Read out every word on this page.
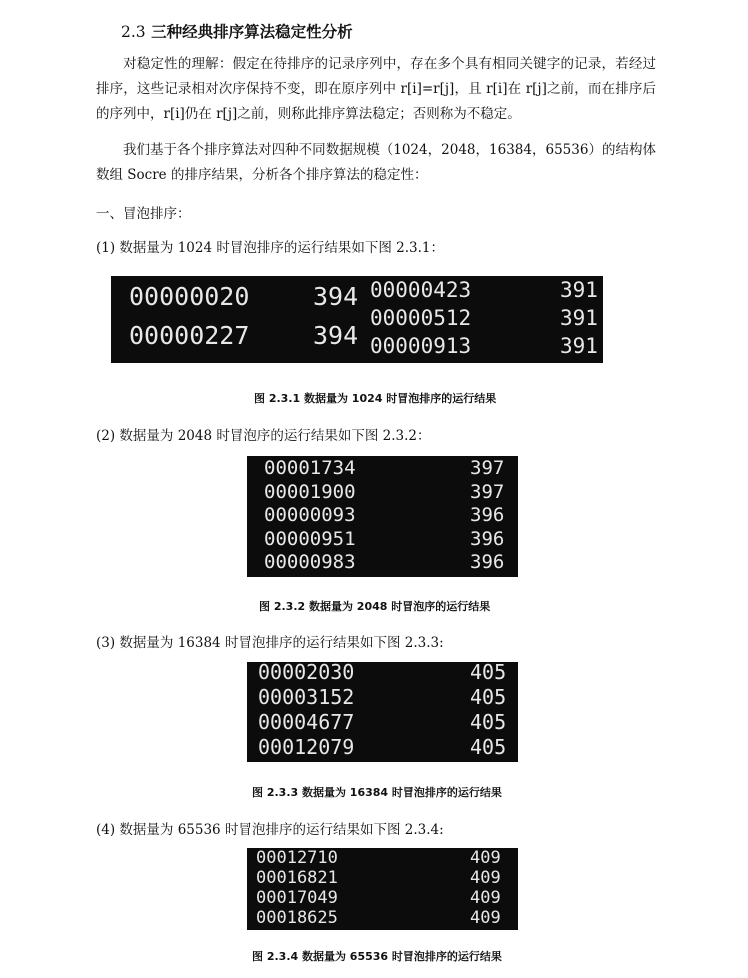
2.3 三种经典排序算法稳定性分析

对稳定性的理解：假定在待排序的记录序列中，存在多个具有相同关键字的记录，若经过排序，这些记录相对次序保持不变，即在原序列中 r[i]=r[j]，且 r[i]在 r[j]之前，而在排序后的序列中，r[i]仍在 r[j]之前，则称此排序算法稳定；否则称为不稳定。

我们基于各个排序算法对四种不同数据规模（1024，2048，16384，65536）的结构体数组 Socre 的排序结果，分析各个排序算法的稳定性：

一、冒泡排序：
(1) 数据量为 1024 时冒泡排序的运行结果如下图 2.3.1：
00000020	394
00000227	394
00000423	391
00000512	391
00000913	391
图 2.3.1 数据量为 1024 时冒泡排序的运行结果
(2) 数据量为 2048 时冒泡序的运行结果如下图 2.3.2：
00001734	397
00001900	397
00000093	396
00000951	396
00000983	396
图 2.3.2 数据量为 2048 时冒泡序的运行结果
(3) 数据量为 16384 时冒泡排序的运行结果如下图 2.3.3:
00002030	405
00003152	405
00004677	405
00012079	405
图 2.3.3 数据量为 16384 时冒泡排序的运行结果
(4) 数据量为 65536 时冒泡排序的运行结果如下图 2.3.4:
00012710	409
00016821	409
00017049	409
00018625	409
图 2.3.4 数据量为 65536 时冒泡排序的运行结果
